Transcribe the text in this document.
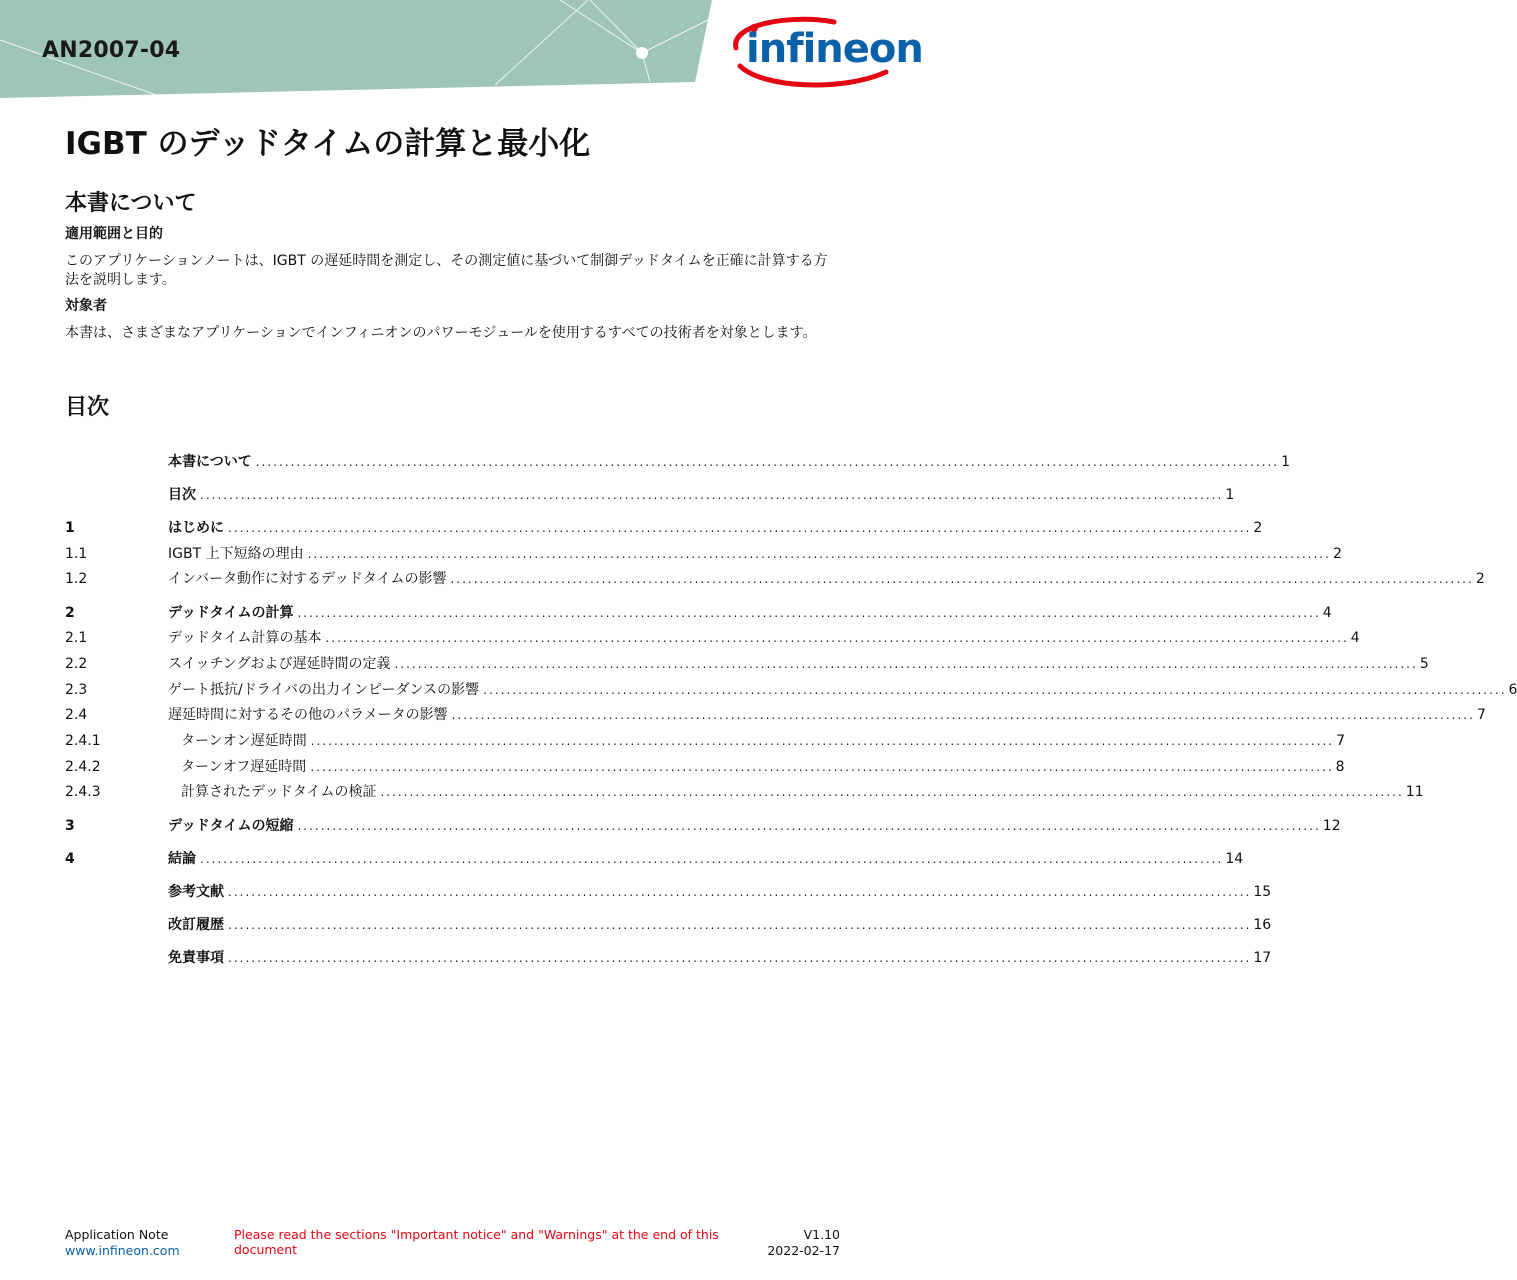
AN2007-04	infineon
IGBT のデッドタイムの計算と最小化
本書について
適用範囲と目的
このアプリケーションノートは、IGBT の遅延時間を測定し、その測定値に基づいて制御デッドタイムを正確に計算する方法を説明します。
対象者
本書は、さまざまなアプリケーションでインフィニオンのパワーモジュールを使用するすべての技術者を対象とします。
目次
本書について ................................................................................................................................................................................ 1
目次 ................................................................................................................................................................................ 1
1	はじめに ................................................................................................................................................................................ 2
1.1	IGBT 上下短絡の理由 ................................................................................................................................................................................ 2
1.2	インバータ動作に対するデッドタイムの影響 ................................................................................................................................................................................ 2
2	デッドタイムの計算 ................................................................................................................................................................................ 4
2.1	デッドタイム計算の基本 ................................................................................................................................................................................ 4
2.2	スイッチングおよび遅延時間の定義 ................................................................................................................................................................................ 5
2.3	ゲート抵抗/ドライバの出力インピーダンスの影響 ................................................................................................................................................................................ 6
2.4	遅延時間に対するその他のパラメータの影響 ................................................................................................................................................................................ 7
2.4.1	ターンオン遅延時間 ................................................................................................................................................................................ 7
2.4.2	ターンオフ遅延時間 ................................................................................................................................................................................ 8
2.4.3	計算されたデッドタイムの検証 ................................................................................................................................................................................ 11
3	デッドタイムの短縮 ................................................................................................................................................................................ 12
4	結論 ................................................................................................................................................................................ 14
参考文献 ................................................................................................................................................................................ 15
改訂履歴 ................................................................................................................................................................................ 16
免責事項 ................................................................................................................................................................................ 17
Application Note
www.infineon.com
Please read the sections "Important notice" and "Warnings" at the end of this document
V1.10
2022-02-17
